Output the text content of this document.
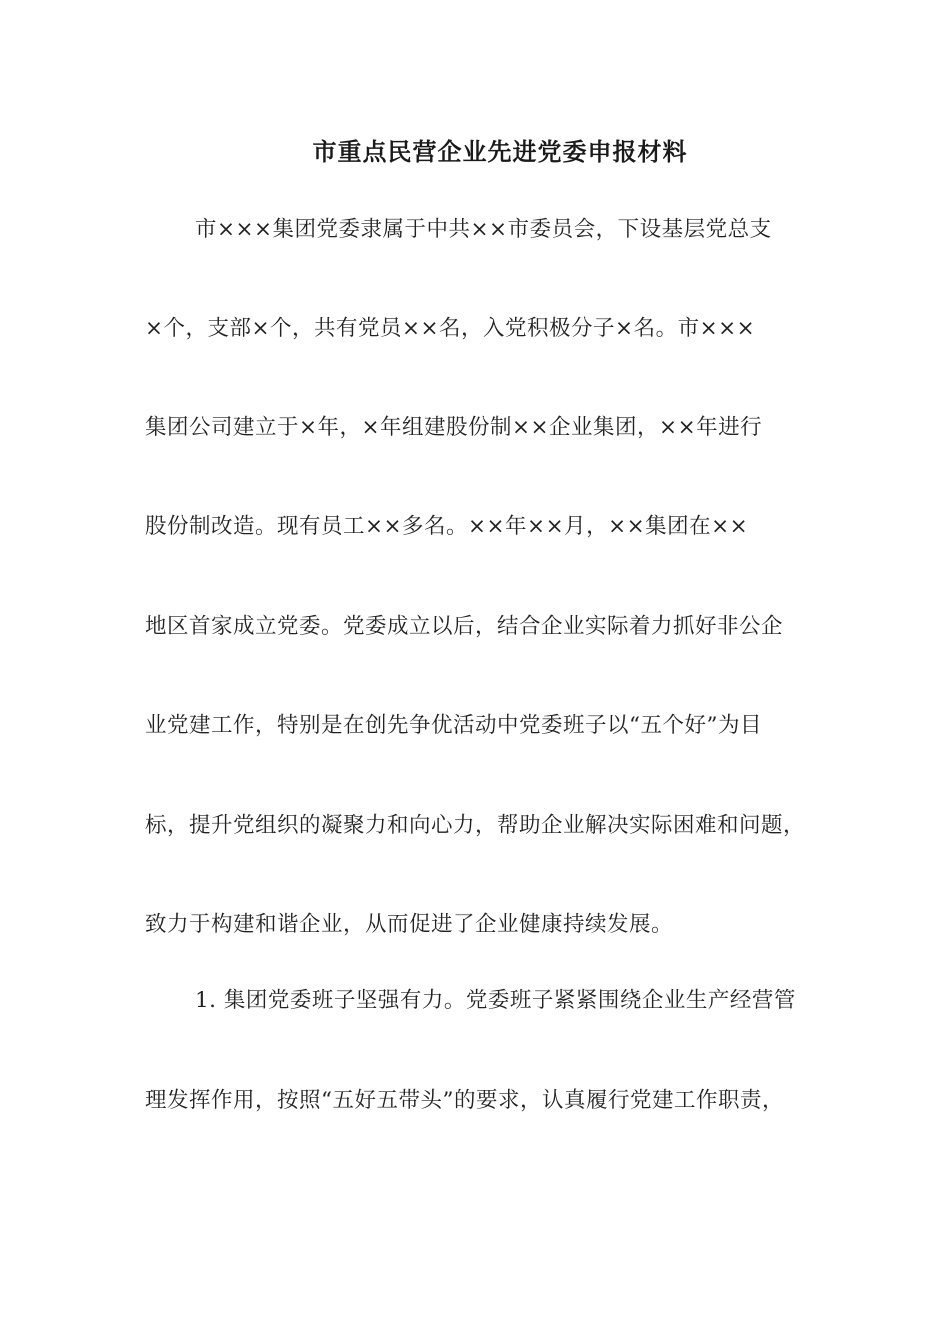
市重点民营企业先进党委申报材料

市×××集团党委隶属于中共××市委员会，下设基层党总支

×个，支部×个，共有党员××名，入党积极分子×名。市×××

集团公司建立于×年，×年组建股份制××企业集团，××年进行

股份制改造。现有员工××多名。××年××月，××集团在××

地区首家成立党委。党委成立以后，结合企业实际着力抓好非公企

业党建工作，特别是在创先争优活动中党委班子以“五个好”为目

标，提升党组织的凝聚力和向心力，帮助企业解决实际困难和问题，

致力于构建和谐企业，从而促进了企业健康持续发展。

1. 集团党委班子坚强有力。党委班子紧紧围绕企业生产经营管

理发挥作用，按照“五好五带头”的要求，认真履行党建工作职责，
